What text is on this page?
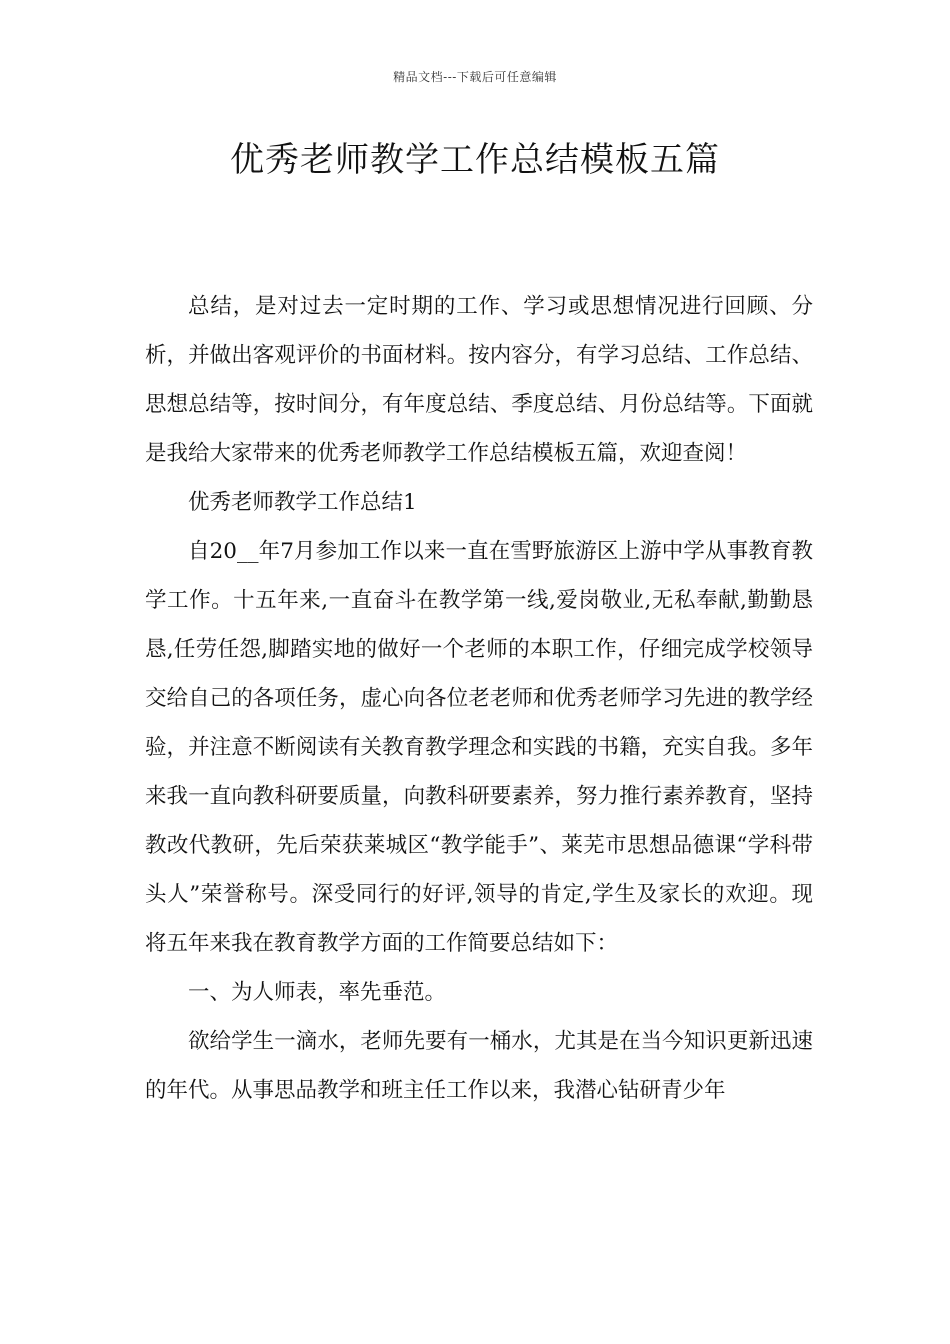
精品文档---下载后可任意编辑
优秀老师教学工作总结模板五篇

总结，是对过去一定时期的工作、学习或思想情况进行回顾、分析，并做出客观评价的书面材料。按内容分，有学习总结、工作总结、思想总结等，按时间分，有年度总结、季度总结、月份总结等。下面就是我给大家带来的优秀老师教学工作总结模板五篇，欢迎查阅！

优秀老师教学工作总结1

自20__年7月参加工作以来一直在雪野旅游区上游中学从事教育教学工作。十五年来,一直奋斗在教学第一线,爱岗敬业,无私奉献,勤勤恳恳,任劳任怨,脚踏实地的做好一个老师的本职工作，仔细完成学校领导交给自己的各项任务，虚心向各位老老师和优秀老师学习先进的教学经验，并注意不断阅读有关教育教学理念和实践的书籍，充实自我。多年来我一直向教科研要质量，向教科研要素养，努力推行素养教育，坚持教改代教研，先后荣获莱城区“教学能手”、莱芜市思想品德课“学科带头人”荣誉称号。深受同行的好评,领导的肯定,学生及家长的欢迎。现将五年来我在教育教学方面的工作简要总结如下：

一、为人师表，率先垂范。

欲给学生一滴水，老师先要有一桶水，尤其是在当今知识更新迅速的年代。从事思品教学和班主任工作以来，我潜心钻研青少年
